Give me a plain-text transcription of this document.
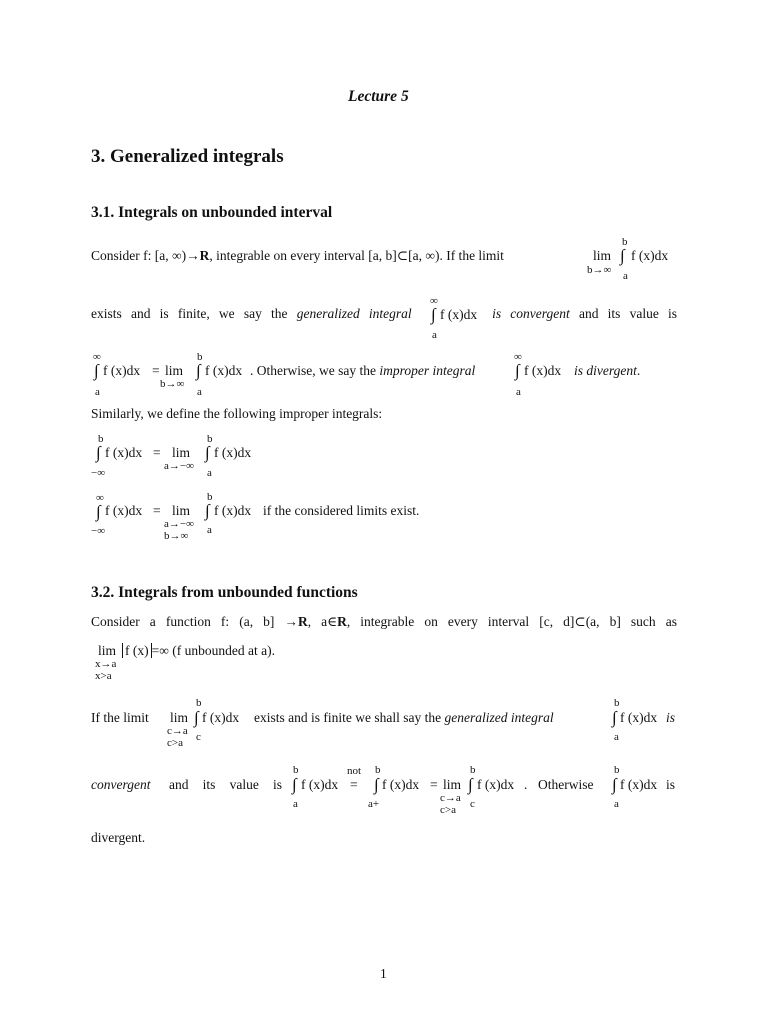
Lecture 5
3. Generalized integrals
3.1. Integrals on unbounded interval
Consider f: [a, ∞)→R, integrable on every interval [a, b]⊂[a, ∞). If the limit	lim
b→∞
b
∫
a
f (x)dx
exists and is finite, we say the generalized integral	is convergent and its value is
∞
∫
a
f (x)dx
∞
∫
a
f (x)dx = lim
b→∞
b
∫
a
f (x)dx . Otherwise, we say the improper integral
∞
∫
a
f (x)dx is divergent.
Similarly, we define the following improper integrals:
b
∫
−∞
f (x)dx = lim
a→−∞
b
∫
a
f (x)dx
∞
∫
−∞
f (x)dx = lim
a→−∞
b→∞
b
∫
a
f (x)dx if the considered limits exist.
3.2. Integrals from unbounded functions
Consider a function f: (a, b] →R, a∈R, integrable on every interval [c, d]⊂(a, b] such as
lim
x→a
x>a
f (x) =∞ (f unbounded at a).
If the limit lim
c→a
c>a
b
∫
c
f (x)dx exists and is finite we shall say the generalized integral
b
∫
a
f (x)dx is
convergent and its value is
b
∫
a
f (x)dx
not
=
b
∫
a+
f (x)dx = lim
c→a
c>a
b
∫
c
f (x)dx . Otherwise
b
∫
a
f (x)dx is
divergent.
1
